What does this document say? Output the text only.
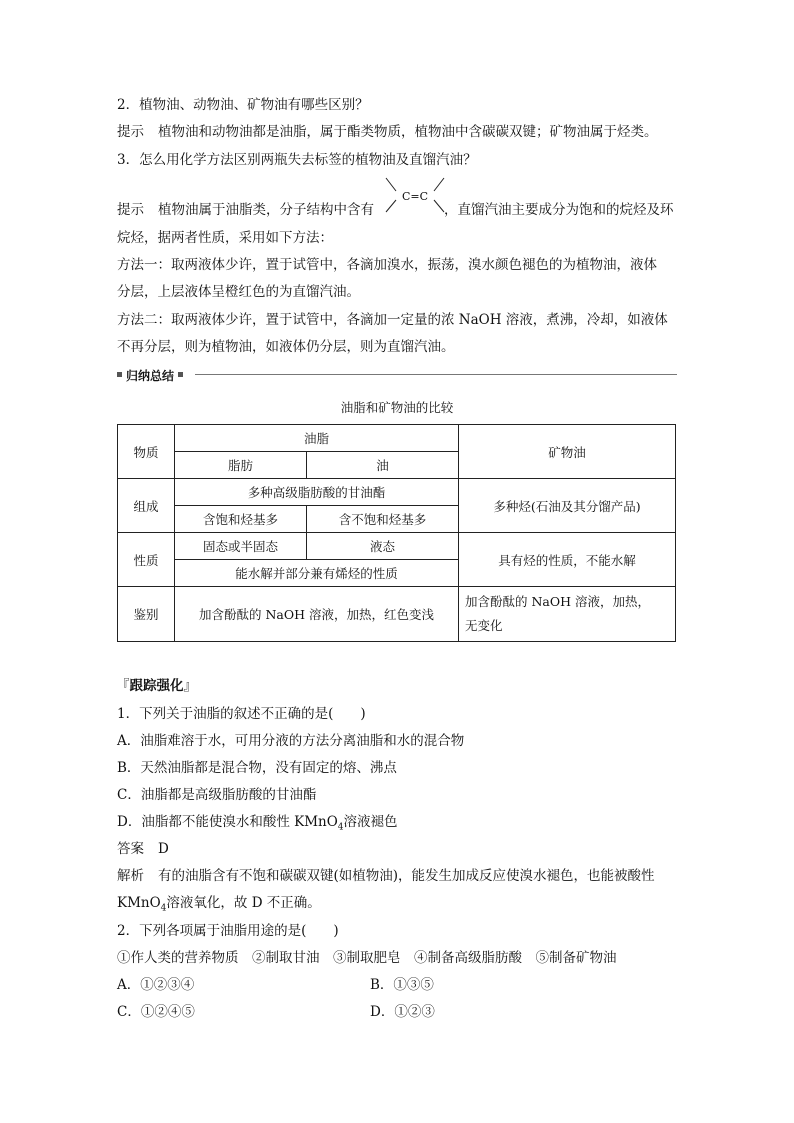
2．植物油、动物油、矿物油有哪些区别？
提示 植物油和动物油都是油脂，属于酯类物质，植物油中含碳碳双键；矿物油属于烃类。
3．怎么用化学方法区别两瓶失去标签的植物油及直馏汽油？
C=C
提示 植物油属于油脂类，分子结构中含有	，直馏汽油主要成分为饱和的烷烃及环
烷烃，据两者性质，采用如下方法：
方法一：取两液体少许，置于试管中，各滴加溴水，振荡，溴水颜色褪色的为植物油，液体
分层，上层液体呈橙红色的为直馏汽油。
方法二：取两液体少许，置于试管中，各滴加一定量的浓 NaOH 溶液，煮沸，冷却，如液体
不再分层，则为植物油，如液体仍分层，则为直馏汽油。
归纳总结
油脂和矿物油的比较
物质	油脂		矿物油
	脂肪	油	
组成	多种高级脂肪酸的甘油酯		多种烃(石油及其分馏产品)
	含饱和烃基多	含不饱和烃基多	
性质	固态或半固态	液态	具有烃的性质，不能水解
	能水解并部分兼有烯烃的性质		
鉴别	加含酚酞的 NaOH 溶液，加热，红色变浅		加含酚酞的 NaOH 溶液，加热，
无变化
『跟踪强化』
1．下列关于油脂的叙述不正确的是(　　)
A．油脂难溶于水，可用分液的方法分离油脂和水的混合物
B．天然油脂都是混合物，没有固定的熔、沸点
C．油脂都是高级脂肪酸的甘油酯
D．油脂都不能使溴水和酸性 KMnO$_4$溶液褪色
答案 D
解析 有的油脂含有不饱和碳碳双键(如植物油)，能发生加成反应使溴水褪色，也能被酸性
KMnO$_4$溶液氧化，故 D 不正确。
2．下列各项属于油脂用途的是(　　)
①作人类的营养物质　②制取甘油　③制取肥皂　④制备高级脂肪酸　⑤制备矿物油
A．①②③④	B．①③⑤
C．①②④⑤	D．①②③
